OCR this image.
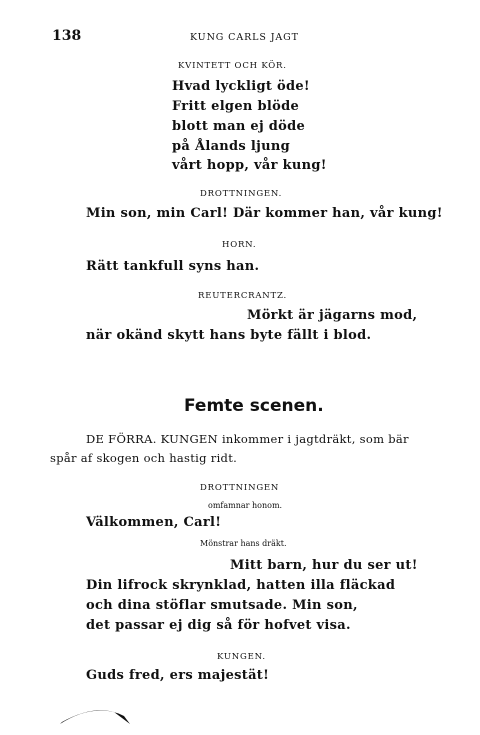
138	KUNG CARLS JAGT
KVINTETT OCH KÖR.
Hvad lyckligt öde!
Fritt elgen blöde
blott man ej döde
på Ålands ljung
vårt hopp, vår kung!
DROTTNINGEN.
Min son, min Carl! Där kommer han, vår kung!
HORN.
Rätt tankfull syns han.
REUTERCRANTZ.
Mörkt är jägarns mod,
när okänd skytt hans byte fällt i blod.
Femte scenen.
DE FÖRRA. KUNGEN inkommer i jagtdräkt, som bär
spår af skogen och hastig ridt.
DROTTNINGEN
omfamnar honom.
Välkommen, Carl!
Mönstrar hans dräkt.
Mitt barn, hur du ser ut!
Din lifrock skrynklad, hatten illa fläckad
och dina stöflar smutsade. Min son,
det passar ej dig så för hofvet visa.
KUNGEN.
Guds fred, ers majestät!
